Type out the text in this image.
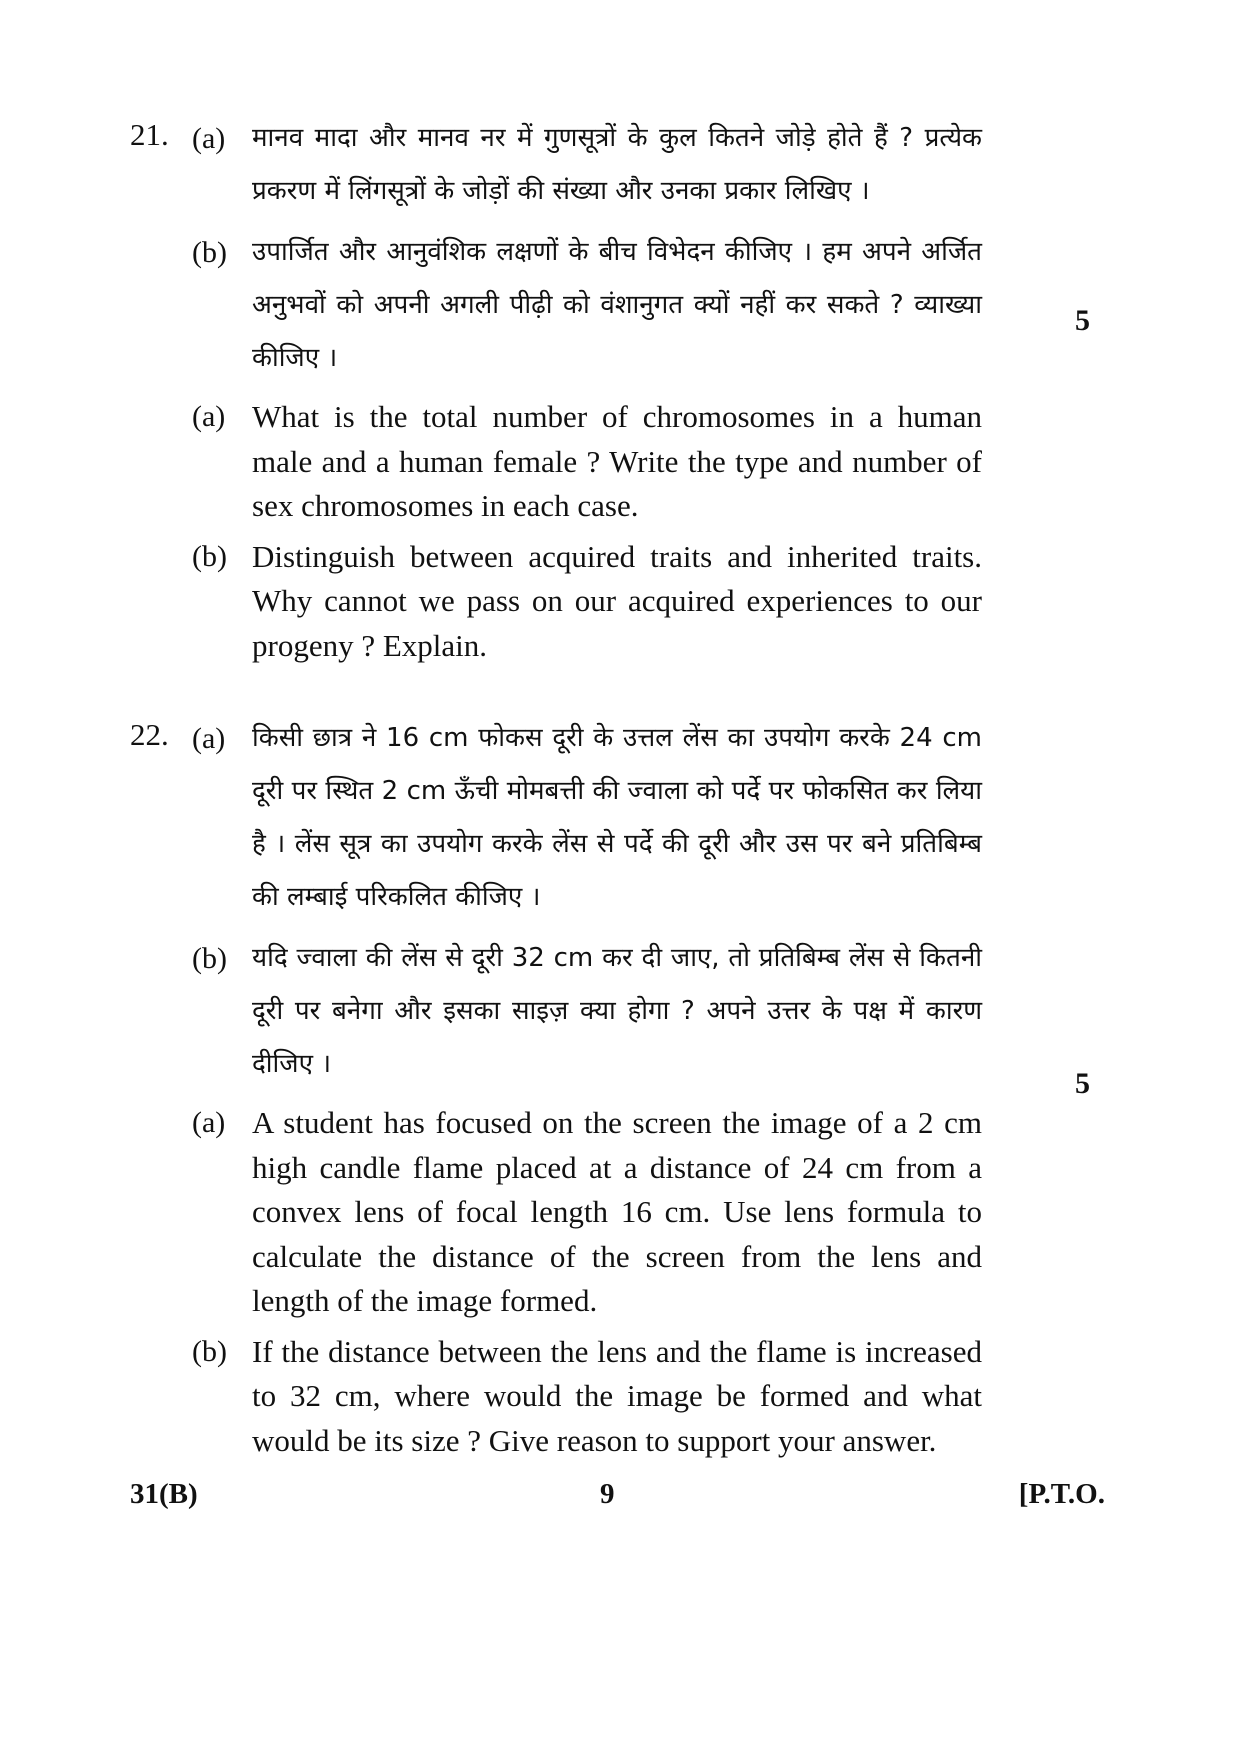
21. (a) मानव मादा और मानव नर में गुणसूत्रों के कुल कितने जोड़े होते हैं ? प्रत्येक प्रकरण में लिंगसूत्रों के जोड़ों की संख्या और उनका प्रकार लिखिए ।

(b) उपार्जित और आनुवंशिक लक्षणों के बीच विभेदन कीजिए । हम अपने अर्जित अनुभवों को अपनी अगली पीढ़ी को वंशानुगत क्यों नहीं कर सकते ? व्याख्या कीजिए ।

5
(a) What is the total number of chromosomes in a human male and a human female ? Write the type and number of sex chromosomes in each case.

(b) Distinguish between acquired traits and inherited traits. Why cannot we pass on our acquired experiences to our progeny ? Explain.

22. (a) किसी छात्र ने 16 cm फोकस दूरी के उत्तल लेंस का उपयोग करके 24 cm दूरी पर स्थित 2 cm ऊँची मोमबत्ती की ज्वाला को पर्दे पर फोकसित कर लिया है । लेंस सूत्र का उपयोग करके लेंस से पर्दे की दूरी और उस पर बने प्रतिबिम्ब की लम्बाई परिकलित कीजिए ।

(b) यदि ज्वाला की लेंस से दूरी 32 cm कर दी जाए, तो प्रतिबिम्ब लेंस से कितनी दूरी पर बनेगा और इसका साइज़ क्या होगा ? अपने उत्तर के पक्ष में कारण दीजिए ।

5
(a) A student has focused on the screen the image of a 2 cm high candle flame placed at a distance of 24 cm from a convex lens of focal length 16 cm. Use lens formula to calculate the distance of the screen from the lens and length of the image formed.

(b) If the distance between the lens and the flame is increased to 32 cm, where would the image be formed and what would be its size ? Give reason to support your answer.

31(B)	9	[P.T.O.
